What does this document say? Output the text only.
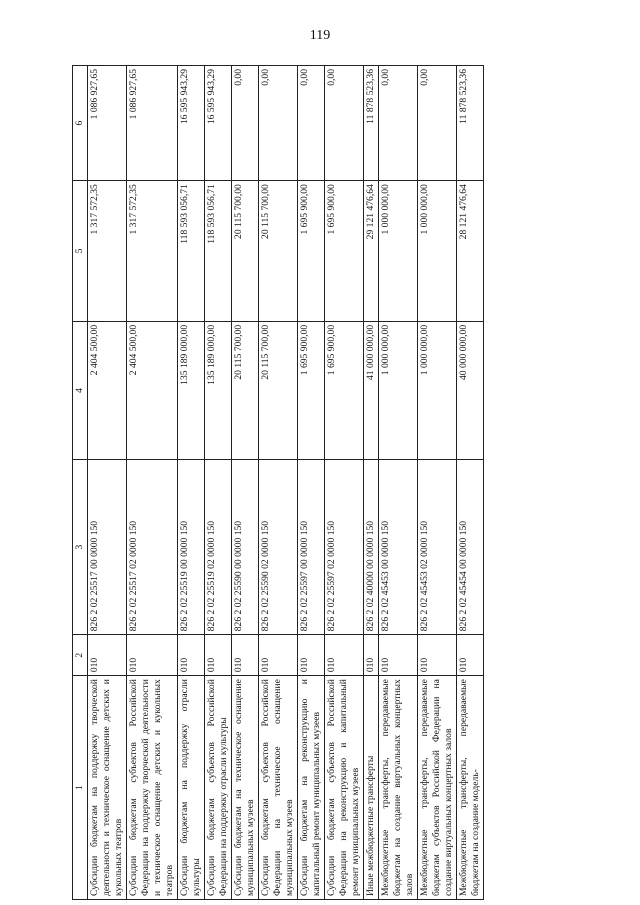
119
1	2	3	4	5	6
Субсидии бюджетам на поддержку творческой деятельности и техническое оснащение детских и кукольных театров	010	826 2 02 25517 00 0000 150	2 404 500,00	1 317 572,35	1 086 927,65
Субсидии бюджетам субъектов Российской Федерации на поддержку творческой деятельности и техническое оснащение детских и кукольных театров	010	826 2 02 25517 02 0000 150	2 404 500,00	1 317 572,35	1 086 927,65
Субсидии бюджетам на поддержку отрасли культуры	010	826 2 02 25519 00 0000 150	135 189 000,00	118 593 056,71	16 595 943,29
Субсидии бюджетам субъектов Российской Федерации на поддержку отрасли культуры	010	826 2 02 25519 02 0000 150	135 189 000,00	118 593 056,71	16 595 943,29
Субсидии бюджетам на техническое оснащение муниципальных музеев	010	826 2 02 25590 00 0000 150	20 115 700,00	20 115 700,00	0,00
Субсидии бюджетам субъектов Российской Федерации на техническое оснащение муниципальных музеев	010	826 2 02 25590 02 0000 150	20 115 700,00	20 115 700,00	0,00
Субсидии бюджетам на реконструкцию и капитальный ремонт муниципальных музеев	010	826 2 02 25597 00 0000 150	1 695 900,00	1 695 900,00	0,00
Субсидии бюджетам субъектов Российской Федерации на реконструкцию и капитальный ремонт муниципальных музеев	010	826 2 02 25597 02 0000 150	1 695 900,00	1 695 900,00	0,00
Иные межбюджетные трансферты	010	826 2 02 40000 00 0000 150	41 000 000,00	29 121 476,64	11 878 523,36
Межбюджетные трансферты, передаваемые бюджетам на создание виртуальных концертных залов	010	826 2 02 45453 00 0000 150	1 000 000,00	1 000 000,00	0,00
Межбюджетные трансферты, передаваемые бюджетам субъектов Российской Федерации на создание виртуальных концертных залов	010	826 2 02 45453 02 0000 150	1 000 000,00	1 000 000,00	0,00
Межбюджетные трансферты, передаваемые бюджетам на создание модель-	010	826 2 02 45454 00 0000 150	40 000 000,00	28 121 476,64	11 878 523,36
